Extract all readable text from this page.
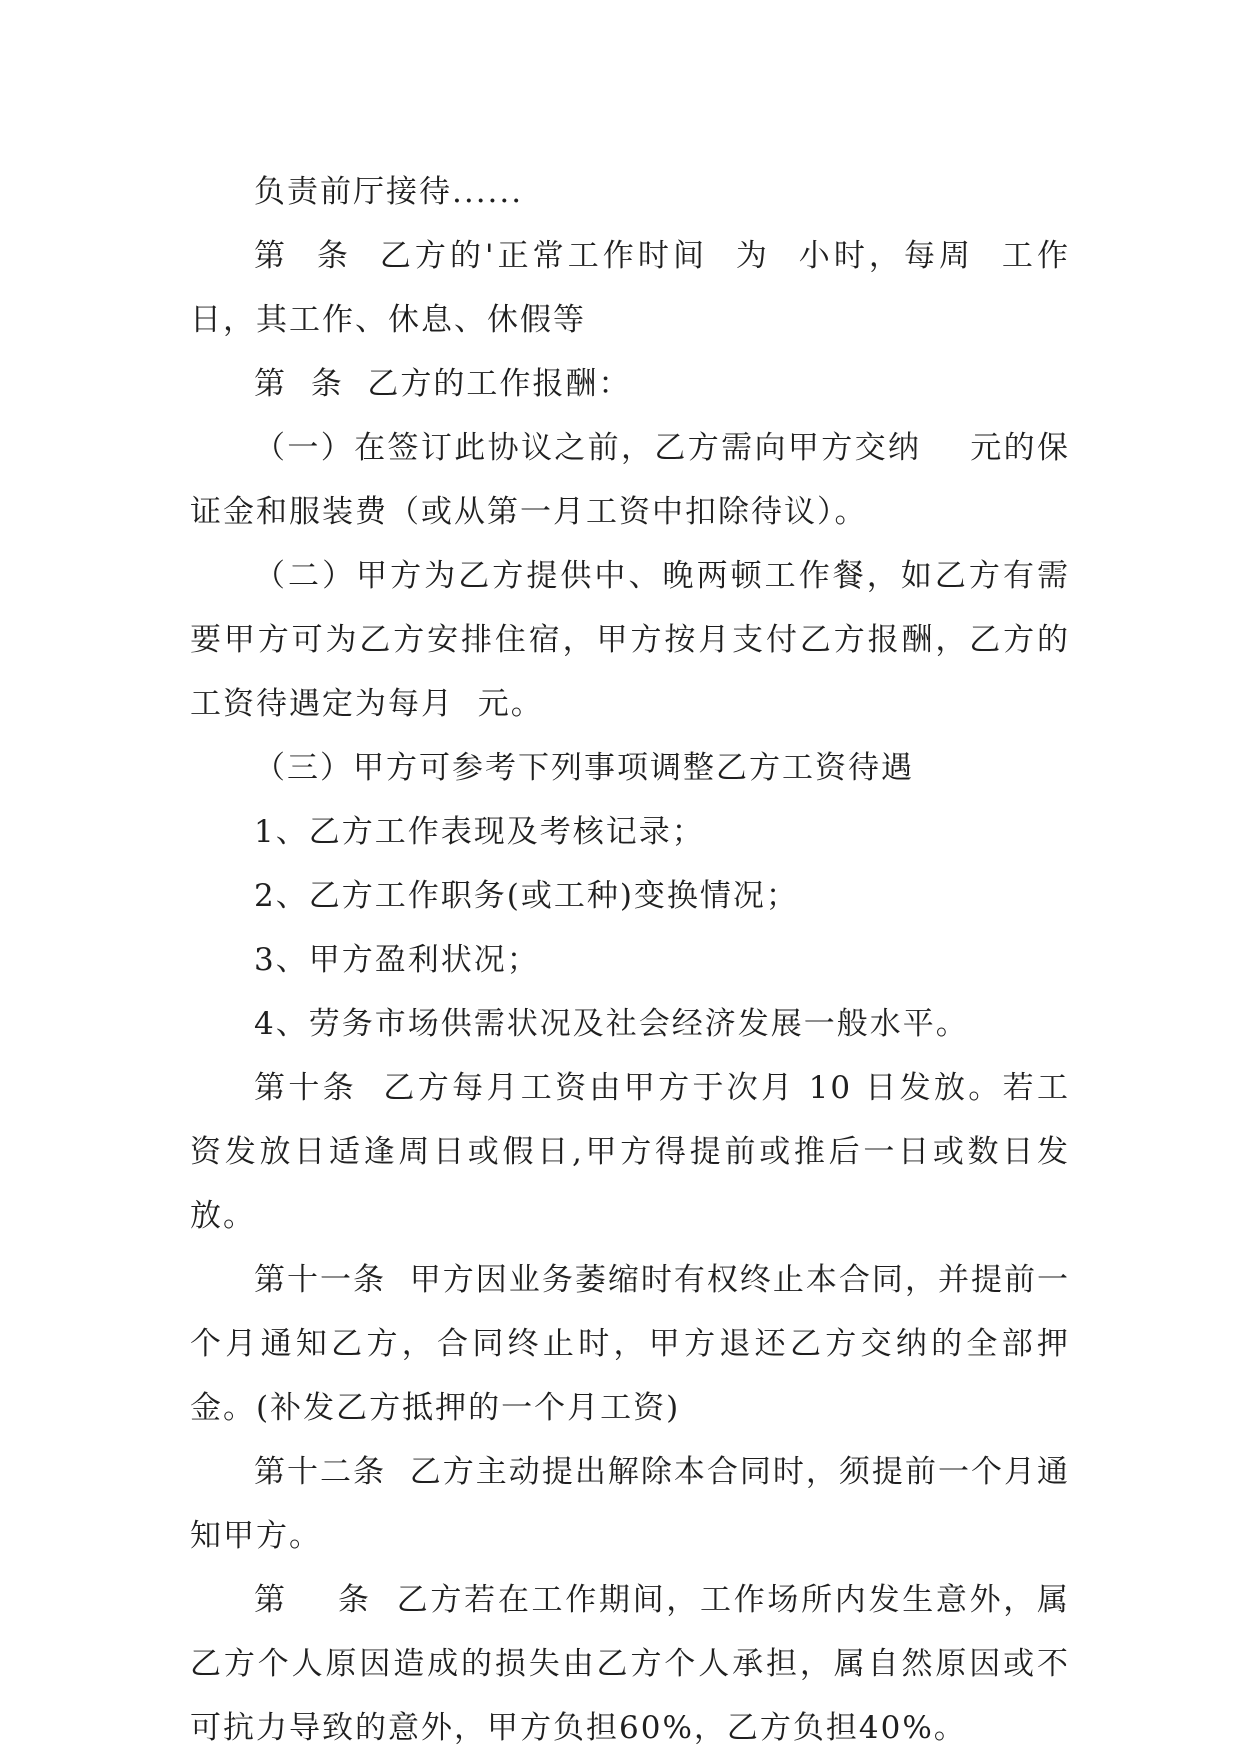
负责前厅接待......

第  条  乙方的'正常工作时间  为  小时，每周  工作日，其工作、休息、休假等

第  条  乙方的工作报酬：

（一）在签订此协议之前，乙方需向甲方交纳    元的保证金和服装费（或从第一月工资中扣除待议）。

（二）甲方为乙方提供中、晚两顿工作餐，如乙方有需要甲方可为乙方安排住宿，甲方按月支付乙方报酬，乙方的工资待遇定为每月  元。

（三）甲方可参考下列事项调整乙方工资待遇

1、乙方工作表现及考核记录；

2、乙方工作职务(或工种)变换情况；

3、甲方盈利状况；

4、劳务市场供需状况及社会经济发展一般水平。

第十条  乙方每月工资由甲方于次月 10 日发放。若工资发放日适逢周日或假日,甲方得提前或推后一日或数日发放。

第十一条  甲方因业务萎缩时有权终止本合同，并提前一个月通知乙方，合同终止时，甲方退还乙方交纳的全部押金。(补发乙方抵押的一个月工资)

第十二条  乙方主动提出解除本合同时，须提前一个月通知甲方。

第    条  乙方若在工作期间，工作场所内发生意外，属乙方个人原因造成的损失由乙方个人承担，属自然原因或不可抗力导致的意外，甲方负担60%，乙方负担40%。
